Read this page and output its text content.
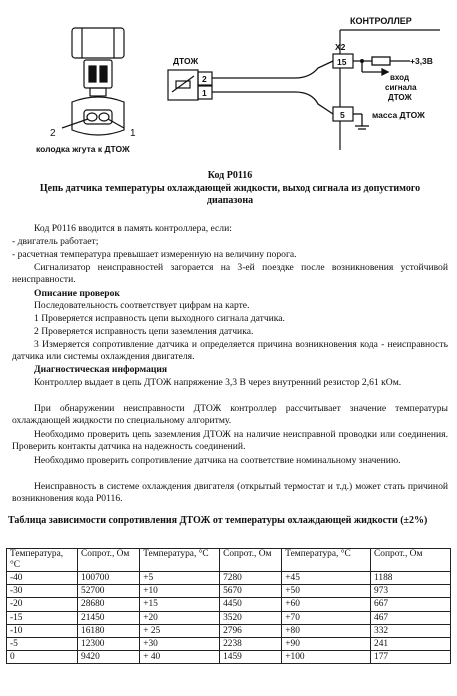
2	1
колодка жгута к ДТОЖ
КОНТРОЛЛЕР
X2
15
5
ДТОЖ
2
1
+3,3В
вход
сигнала
ДТОЖ
масса ДТОЖ
Код P0116
Цепь датчика температуры охлаждающей жидкости, выход сигнала из допустимого диапазона
Код P0116 вводится в память контроллера, если:
- двигатель работает;
- расчетная температура превышает измеренную на величину порога.
Сигнализатор неисправностей загорается на 3-ей поездке после возникновения устойчивой неисправности.
Описание проверок
Последовательность соответствует цифрам на карте.
1 Проверяется исправность цепи выходного сигнала датчика.
2 Проверяется исправность цепи заземления датчика.
3 Измеряется сопротивление датчика и определяется причина возникновения кода - неисправность датчика или системы охлаждения двигателя.
Диагностическая информация
Контроллер выдает в цепь ДТОЖ напряжение 3,3 В через внутренний резистор 2,61 кОм.
При обнаружении неисправности ДТОЖ контроллер рассчитывает значение температуры охлаждающей жидкости по специальному алгоритму.
Необходимо проверить цепь заземления ДТОЖ на наличие неисправной проводки или соединения. Проверить контакты датчика на надежность соединений.
Необходимо проверить сопротивление датчика на соответствие номинальному значению.
Неисправность в системе охлаждения двигателя (открытый термостат и т.д.) может стать причиной возникновения кода P0116.
Таблица зависимости сопротивления ДТОЖ от температуры охлаждающей жидкости (±2%)
Температура, °С	Сопрот., Ом	Температура, °С	Сопрот., Ом	Температура, °С	Сопрот., Ом
-40	100700	+5	7280	+45	1188
-30	52700	+10	5670	+50	973
-20	28680	+15	4450	+60	667
-15	21450	+20	3520	+70	467
-10	16180	+ 25	2796	+80	332
-5	12300	+30	2238	+90	241
0	9420	+ 40	1459	+100	177
